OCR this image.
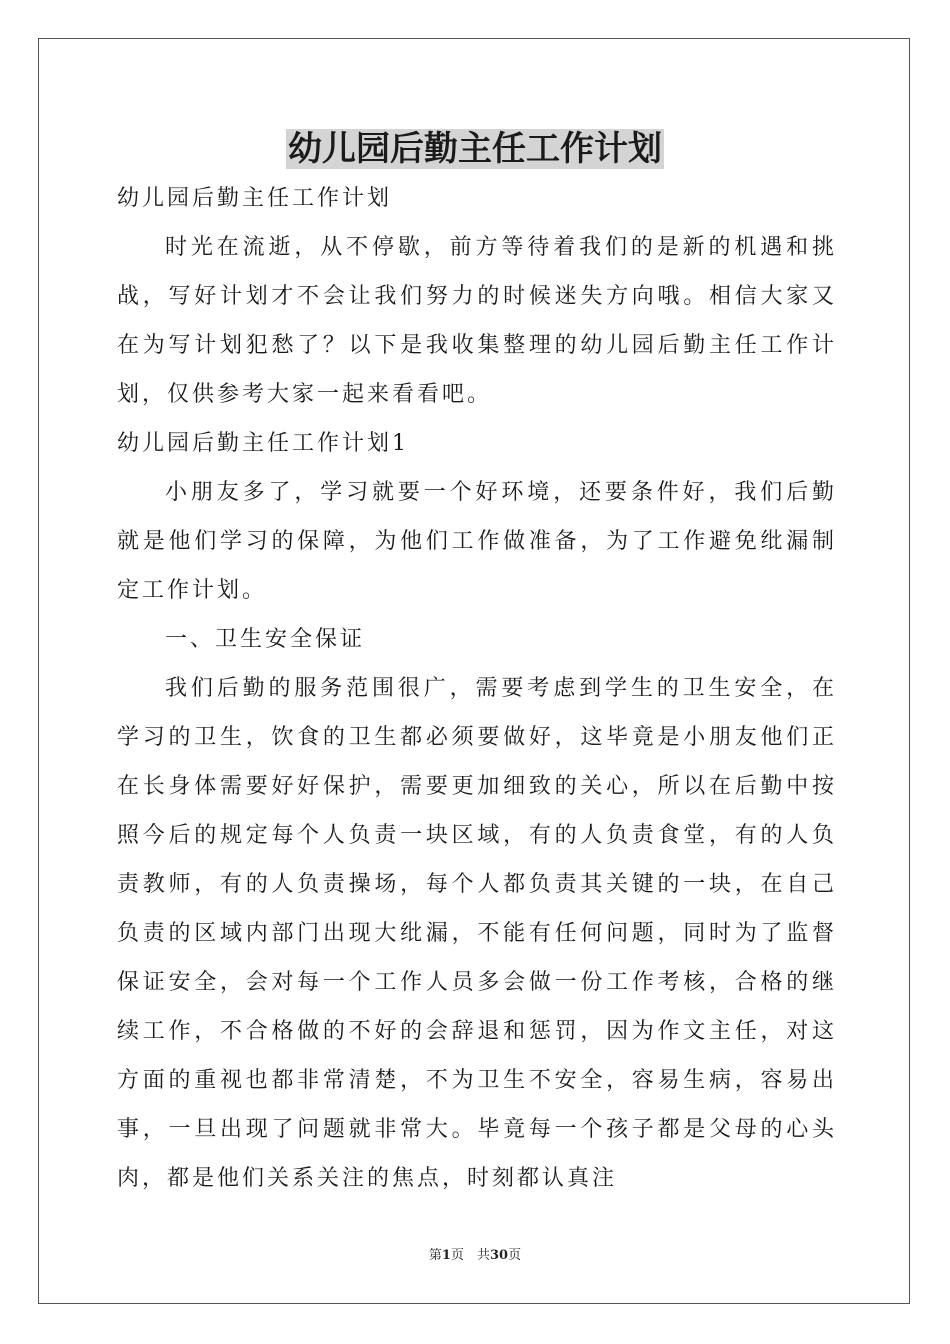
幼儿园后勤主任工作计划

幼儿园后勤主任工作计划

时光在流逝，从不停歇，前方等待着我们的是新的机遇和挑战，写好计划才不会让我们努力的时候迷失方向哦。相信大家又在为写计划犯愁了？以下是我收集整理的幼儿园后勤主任工作计划，仅供参考大家一起来看看吧。

幼儿园后勤主任工作计划1

小朋友多了，学习就要一个好环境，还要条件好，我们后勤就是他们学习的保障，为他们工作做准备，为了工作避免纰漏制定工作计划。

一、卫生安全保证

我们后勤的服务范围很广，需要考虑到学生的卫生安全，在学习的卫生，饮食的卫生都必须要做好，这毕竟是小朋友他们正在长身体需要好好保护，需要更加细致的关心，所以在后勤中按照今后的规定每个人负责一块区域，有的人负责食堂，有的人负责教师，有的人负责操场，每个人都负责其关键的一块，在自己负责的区域内部门出现大纰漏，不能有任何问题，同时为了监督保证安全，会对每一个工作人员多会做一份工作考核，合格的继续工作，不合格做的不好的会辞退和惩罚，因为作文主任，对这方面的重视也都非常清楚，不为卫生不安全，容易生病，容易出事，一旦出现了问题就非常大。毕竟每一个孩子都是父母的心头肉，都是他们关系关注的焦点，时刻都认真注

第1页　共30页
